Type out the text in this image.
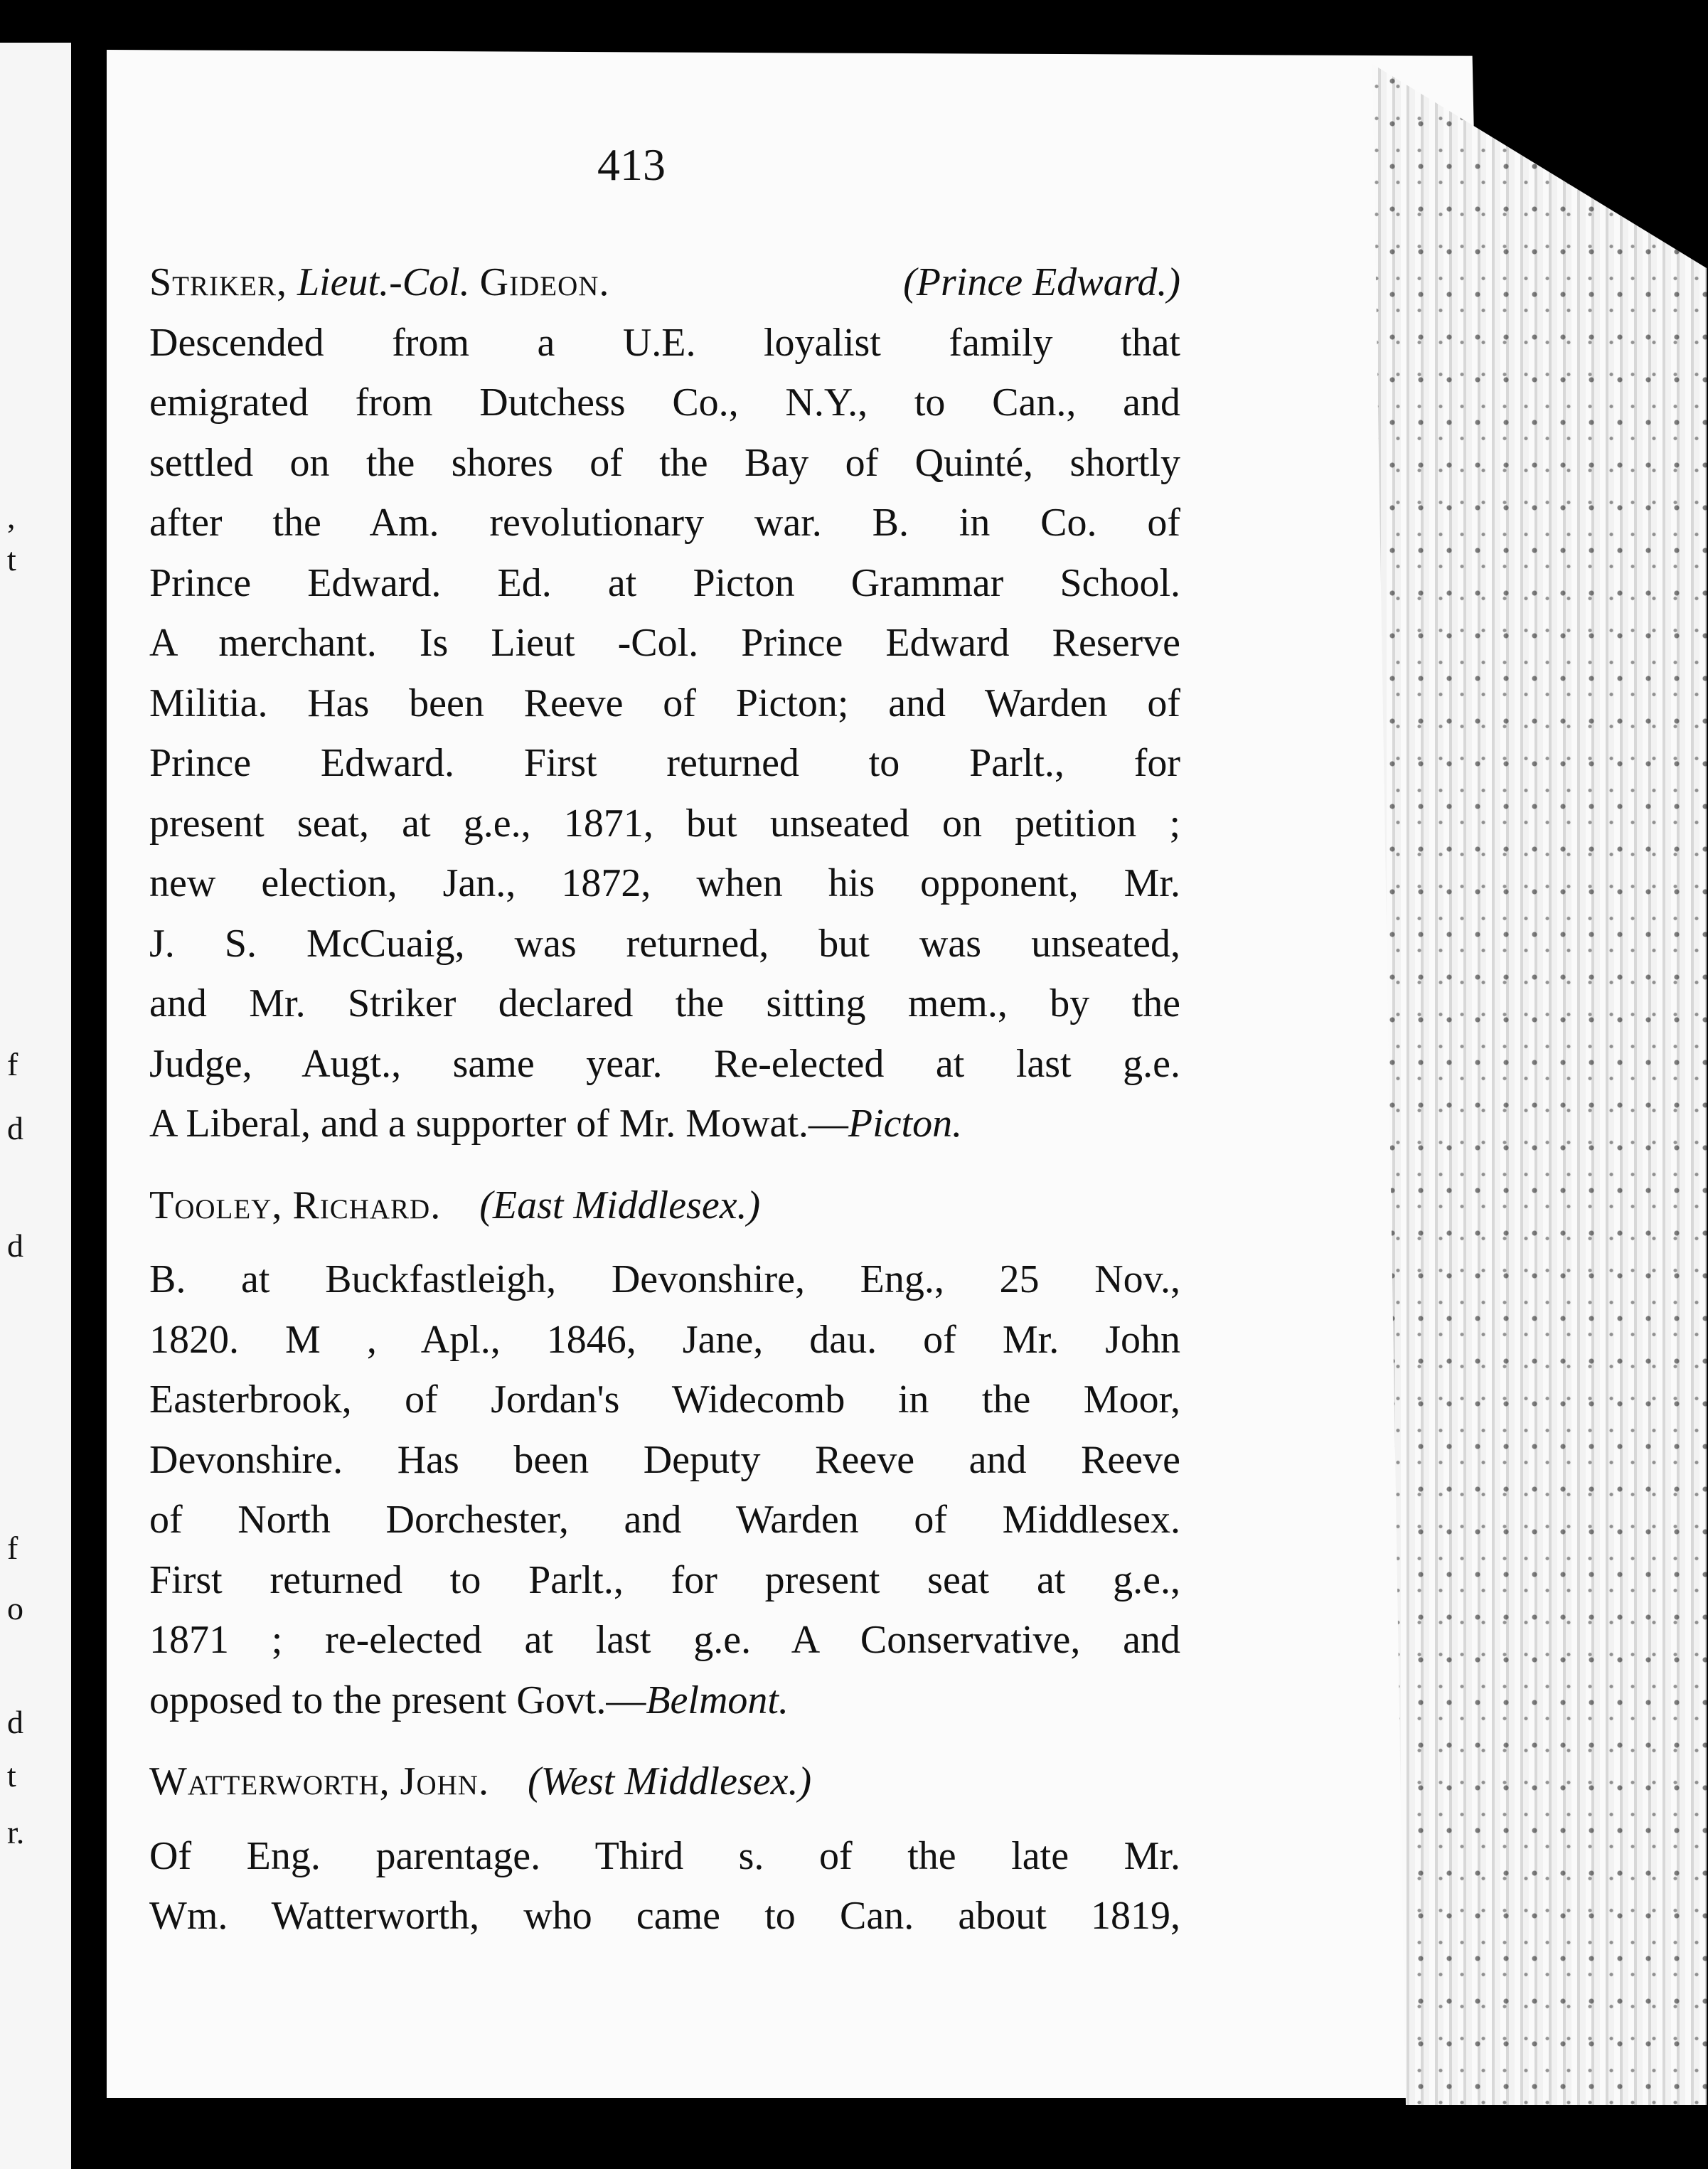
,
t
f
d
d
f
o
d
t
r.
413
Striker, Lieut.-Col. Gideon.	(Prince Edward.)
Descended from a U.E. loyalist family that
emigrated from Dutchess Co., N.Y., to Can., and
settled on the shores of the Bay of Quinté, shortly
after the Am. revolutionary war. B. in Co. of
Prince Edward. Ed. at Picton Grammar School.
A merchant. Is Lieut -Col. Prince Edward Reserve
Militia. Has been Reeve of Picton; and Warden of
Prince Edward. First returned to Parlt., for
present seat, at g.e., 1871, but unseated on petition ;
new election, Jan., 1872, when his opponent, Mr.
J. S. McCuaig, was returned, but was unseated,
and Mr. Striker declared the sitting mem., by the
Judge, Augt., same year. Re-elected at last g.e.
A Liberal, and a supporter of Mr. Mowat.—Picton.
Tooley, Richard. (East Middlesex.)
B. at Buckfastleigh, Devonshire, Eng., 25 Nov.,
1820. M , Apl., 1846, Jane, dau. of Mr. John
Easterbrook, of Jordan's Widecomb in the Moor,
Devonshire. Has been Deputy Reeve and Reeve
of North Dorchester, and Warden of Middlesex.
First returned to Parlt., for present seat at g.e.,
1871 ; re-elected at last g.e. A Conservative, and
opposed to the present Govt.—Belmont.
Watterworth, John. (West Middlesex.)
Of Eng. parentage. Third s. of the late Mr.
Wm. Watterworth, who came to Can. about 1819,
